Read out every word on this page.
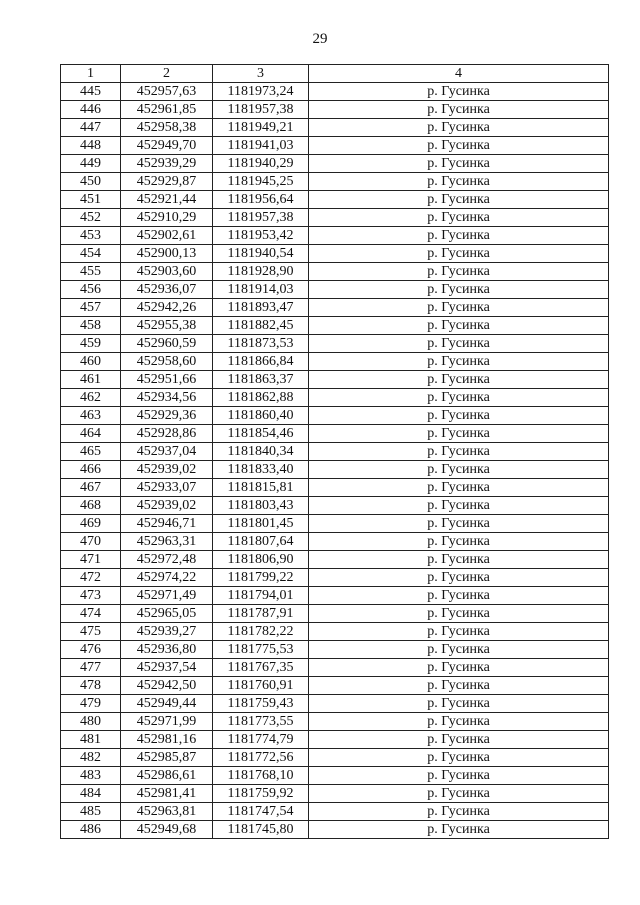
29
1	2	3	4
445	452957,63	1181973,24	р. Гусинка
446	452961,85	1181957,38	р. Гусинка
447	452958,38	1181949,21	р. Гусинка
448	452949,70	1181941,03	р. Гусинка
449	452939,29	1181940,29	р. Гусинка
450	452929,87	1181945,25	р. Гусинка
451	452921,44	1181956,64	р. Гусинка
452	452910,29	1181957,38	р. Гусинка
453	452902,61	1181953,42	р. Гусинка
454	452900,13	1181940,54	р. Гусинка
455	452903,60	1181928,90	р. Гусинка
456	452936,07	1181914,03	р. Гусинка
457	452942,26	1181893,47	р. Гусинка
458	452955,38	1181882,45	р. Гусинка
459	452960,59	1181873,53	р. Гусинка
460	452958,60	1181866,84	р. Гусинка
461	452951,66	1181863,37	р. Гусинка
462	452934,56	1181862,88	р. Гусинка
463	452929,36	1181860,40	р. Гусинка
464	452928,86	1181854,46	р. Гусинка
465	452937,04	1181840,34	р. Гусинка
466	452939,02	1181833,40	р. Гусинка
467	452933,07	1181815,81	р. Гусинка
468	452939,02	1181803,43	р. Гусинка
469	452946,71	1181801,45	р. Гусинка
470	452963,31	1181807,64	р. Гусинка
471	452972,48	1181806,90	р. Гусинка
472	452974,22	1181799,22	р. Гусинка
473	452971,49	1181794,01	р. Гусинка
474	452965,05	1181787,91	р. Гусинка
475	452939,27	1181782,22	р. Гусинка
476	452936,80	1181775,53	р. Гусинка
477	452937,54	1181767,35	р. Гусинка
478	452942,50	1181760,91	р. Гусинка
479	452949,44	1181759,43	р. Гусинка
480	452971,99	1181773,55	р. Гусинка
481	452981,16	1181774,79	р. Гусинка
482	452985,87	1181772,56	р. Гусинка
483	452986,61	1181768,10	р. Гусинка
484	452981,41	1181759,92	р. Гусинка
485	452963,81	1181747,54	р. Гусинка
486	452949,68	1181745,80	р. Гусинка
